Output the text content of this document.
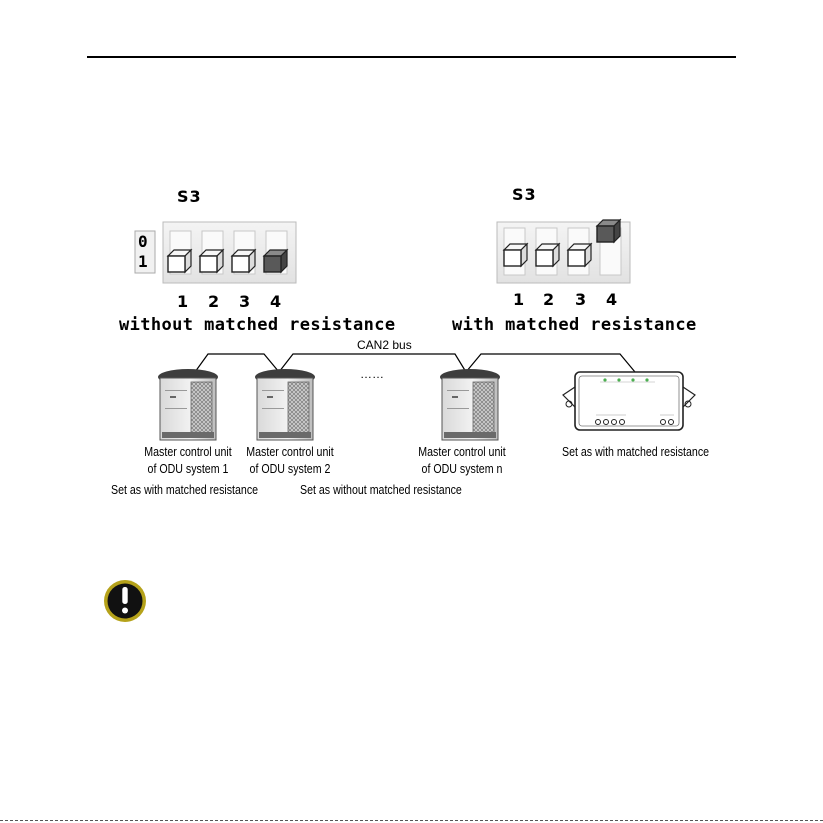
S3	S3
0
1
1 2 3 4	1 2 3 4
without matched resistance	with matched resistance
CAN2 bus
……
Master control unit
of ODU system 1
Master control unit
of ODU system 2
Master control unit
of ODU system n
Set as with matched resistance
Set as with matched resistance	Set as without matched resistance
